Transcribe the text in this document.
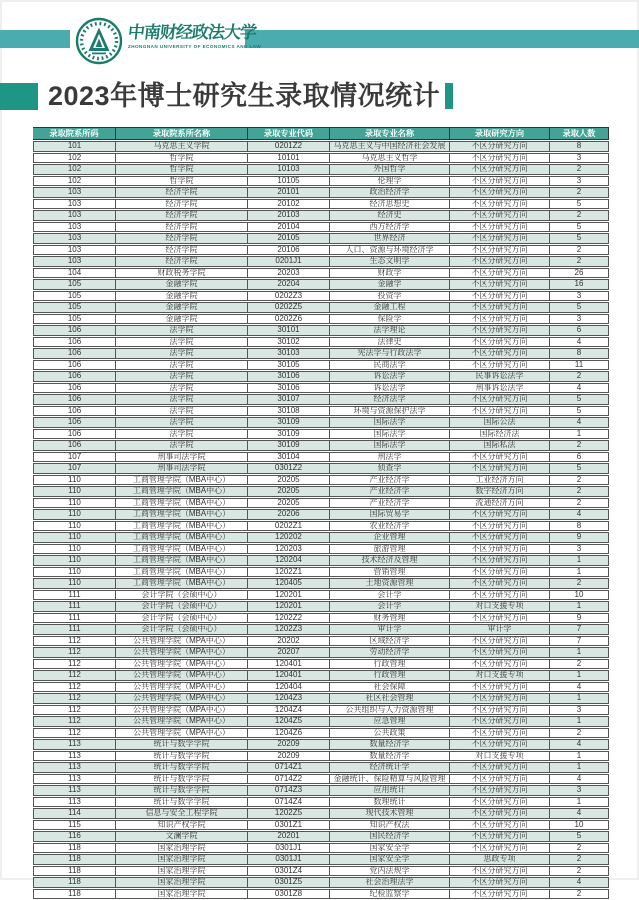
中南财经政法大学
ZHONGNAN UNIVERSITY OF ECONOMICS AND LAW
2023年博士研究生录取情况统计
录取院系所码	录取院系所名称	录取专业代码	录取专业名称	录取研究方向	录取人数
101	马克思主义学院	0201Z2	马克思主义与中国经济社会发展	不区分研究方向	8
102	哲学院	10101	马克思主义哲学	不区分研究方向	3
102	哲学院	10103	外国哲学	不区分研究方向	2
102	哲学院	10105	伦理学	不区分研究方向	3
103	经济学院	20101	政治经济学	不区分研究方向	2
103	经济学院	20102	经济思想史	不区分研究方向	5
103	经济学院	20103	经济史	不区分研究方向	2
103	经济学院	20104	西方经济学	不区分研究方向	5
103	经济学院	20105	世界经济	不区分研究方向	5
103	经济学院	20106	人口、资源与环境经济学	不区分研究方向	2
103	经济学院	0201J1	生态文明学	不区分研究方向	2
104	财政税务学院	20203	财政学	不区分研究方向	26
105	金融学院	20204	金融学	不区分研究方向	16
105	金融学院	0202Z3	投资学	不区分研究方向	3
105	金融学院	0202Z5	金融工程	不区分研究方向	5
105	金融学院	0202Z6	保险学	不区分研究方向	3
106	法学院	30101	法学理论	不区分研究方向	6
106	法学院	30102	法律史	不区分研究方向	4
106	法学院	30103	宪法学与行政法学	不区分研究方向	8
106	法学院	30105	民商法学	不区分研究方向	11
106	法学院	30106	诉讼法学	民事诉讼法学	2
106	法学院	30106	诉讼法学	刑事诉讼法学	4
106	法学院	30107	经济法学	不区分研究方向	5
106	法学院	30108	环境与资源保护法学	不区分研究方向	5
106	法学院	30109	国际法学	国际公法	4
106	法学院	30109	国际法学	国际经济法	1
106	法学院	30109	国际法学	国际私法	2
107	刑事司法学院	30104	刑法学	不区分研究方向	6
107	刑事司法学院	0301Z2	侦查学	不区分研究方向	5
110	工商管理学院（MBA中心）	20205	产业经济学	工业经济方向	2
110	工商管理学院（MBA中心）	20205	产业经济学	数字经济方向	2
110	工商管理学院（MBA中心）	20205	产业经济学	流通经济方向	2
110	工商管理学院（MBA中心）	20206	国际贸易学	不区分研究方向	4
110	工商管理学院（MBA中心）	0202Z1	农业经济学	不区分研究方向	8
110	工商管理学院（MBA中心）	120202	企业管理	不区分研究方向	9
110	工商管理学院（MBA中心）	120203	旅游管理	不区分研究方向	3
110	工商管理学院（MBA中心）	120204	技术经济及管理	不区分研究方向	1
110	工商管理学院（MBA中心）	1202Z1	营销管理	不区分研究方向	1
110	工商管理学院（MBA中心）	120405	土地资源管理	不区分研究方向	2
111	会计学院（会硕中心）	120201	会计学	不区分研究方向	10
111	会计学院（会硕中心）	120201	会计学	对口支援专项	1
111	会计学院（会硕中心）	1202Z2	财务管理	不区分研究方向	9
111	会计学院（会硕中心）	1202Z3	审计学	审计学	7
112	公共管理学院（MPA中心）	20202	区域经济学	不区分研究方向	7
112	公共管理学院（MPA中心）	20207	劳动经济学	不区分研究方向	1
112	公共管理学院（MPA中心）	120401	行政管理	不区分研究方向	2
112	公共管理学院（MPA中心）	120401	行政管理	对口支援专项	1
112	公共管理学院（MPA中心）	120404	社会保障	不区分研究方向	4
112	公共管理学院（MPA中心）	1204Z3	社区社会管理	不区分研究方向	1
112	公共管理学院（MPA中心）	1204Z4	公共组织与人力资源管理	不区分研究方向	3
112	公共管理学院（MPA中心）	1204Z5	应急管理	不区分研究方向	1
112	公共管理学院（MPA中心）	1204Z6	公共政策	不区分研究方向	2
113	统计与数学学院	20209	数量经济学	不区分研究方向	4
113	统计与数学学院	20209	数量经济学	对口支援专项	1
113	统计与数学学院	0714Z1	经济统计学	不区分研究方向	1
113	统计与数学学院	0714Z2	金融统计、保险精算与风险管理	不区分研究方向	4
113	统计与数学学院	0714Z3	应用统计	不区分研究方向	3
113	统计与数学学院	0714Z4	数理统计	不区分研究方向	1
114	信息与安全工程学院	1202Z5	现代技术管理	不区分研究方向	4
115	知识产权学院	0301Z1	知识产权法	不区分研究方向	10
116	文澜学院	20201	国民经济学	不区分研究方向	5
118	国家治理学院	0301J1	国家安全学	不区分研究方向	2
118	国家治理学院	0301J1	国家安全学	思政专项	2
118	国家治理学院	0301Z4	党内法规学	不区分研究方向	2
118	国家治理学院	0301Z5	社会治理法学	不区分研究方向	4
118	国家治理学院	0301Z8	纪检监察学	不区分研究方向	2
